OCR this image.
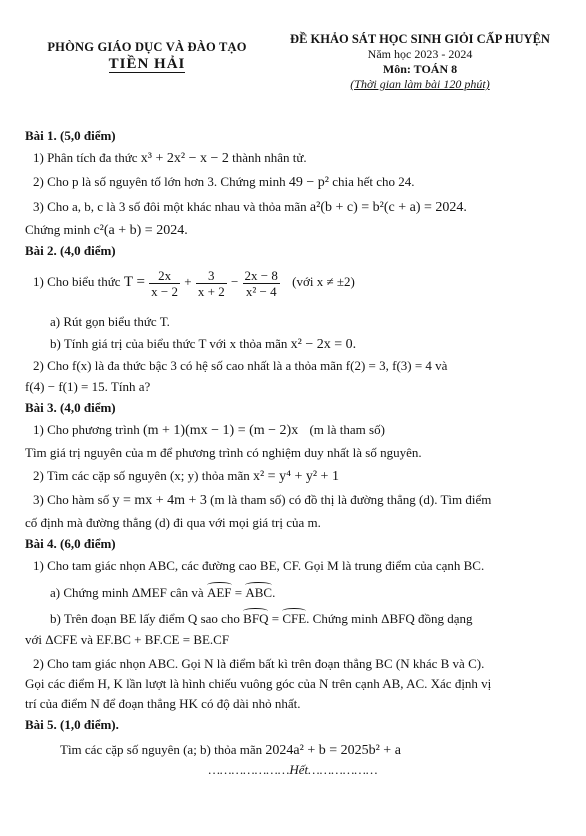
PHÒNG GIÁO DỤC VÀ ĐÀO TẠO
TIỀN HẢI
ĐỀ KHẢO SÁT HỌC SINH GIỎI CẤP HUYỆN
Năm học 2023 - 2024
Môn: TOÁN 8
(Thời gian làm bài 120 phút)
Bài 1. (5,0 điểm)
1) Phân tích đa thức x³ + 2x² − x − 2 thành nhân tử.
2) Cho p là số nguyên tố lớn hơn 3. Chứng minh 49 − p² chia hết cho 24.
3) Cho a, b, c là 3 số đôi một khác nhau và thỏa mãn a²(b + c) = b²(c + a) = 2024.
Chứng minh c²(a + b) = 2024.
Bài 2. (4,0 điểm)
1) Cho biểu thức $T = \frac{2x}{x - 2} + \frac{3}{x + 2} - \frac{2x - 8}{\text{x² − 4}}$ (với x ≠ ±2)
a) Rút gọn biểu thức T.
b) Tính giá trị của biểu thức T với x thỏa mãn x² − 2x = 0.
2) Cho f(x) là đa thức bậc 3 có hệ số cao nhất là a thỏa mãn f(2) = 3, f(3) = 4 và
f(4) − f(1) = 15. Tính a?
Bài 3. (4,0 điểm)
1) Cho phương trình (m + 1)(mx − 1) = (m − 2)x (m là tham số)
Tìm giá trị nguyên của m để phương trình có nghiệm duy nhất là số nguyên.
2) Tìm các cặp số nguyên (x; y) thỏa mãn x² = y⁴ + y² + 1
3) Cho hàm số y = mx + 4m + 3 (m là tham số) có đồ thị là đường thẳng (d). Tìm điểm
cố định mà đường thẳng (d) đi qua với mọi giá trị của m.
Bài 4. (6,0 điểm)
1) Cho tam giác nhọn ABC, các đường cao BE, CF. Gọi M là trung điểm của cạnh BC.
a) Chứng minh ΔMEF cân và AEF = ABC.
b) Trên đoạn BE lấy điểm Q sao cho BFQ = CFE. Chứng minh ΔBFQ đồng dạng
với ΔCFE và EF.BC + BF.CE = BE.CF
2) Cho tam giác nhọn ABC. Gọi N là điểm bất kì trên đoạn thẳng BC (N khác B và C).
Gọi các điểm H, K lần lượt là hình chiếu vuông góc của N trên cạnh AB, AC. Xác định vị
trí của điểm N để đoạn thẳng HK có độ dài nhỏ nhất.
Bài 5. (1,0 điểm).
Tìm các cặp số nguyên (a; b) thỏa mãn 2024a² + b = 2025b² + a
…………………Hết………………
